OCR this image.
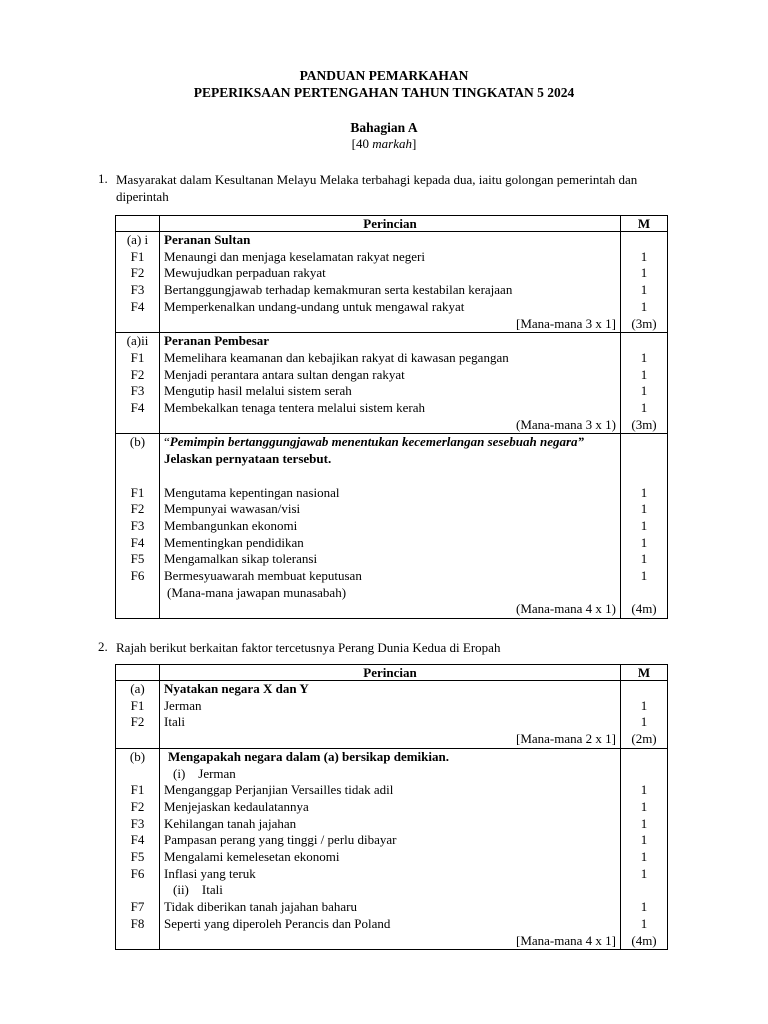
PANDUAN PEMARKAHAN
PEPERIKSAAN PERTENGAHAN TAHUN TINGKATAN 5 2024
Bahagian A
[40 markah]
1. Masyarakat dalam Kesultanan Melayu Melaka terbahagi kepada dua, iaitu golongan pemerintah dan diperintah
	Perincian	M
(a) i	Peranan Sultan	
F1	Menaungi dan menjaga keselamatan rakyat negeri	1
F2	Mewujudkan perpaduan rakyat	1
F3	Bertanggungjawab terhadap kemakmuran serta kestabilan kerajaan	1
F4	Memperkenalkan undang-undang untuk mengawal rakyat	1
	[Mana-mana 3 x 1]	(3m)
(a)ii	Peranan Pembesar	
F1	Memelihara keamanan dan kebajikan rakyat di kawasan pegangan	1
F2	Menjadi perantara antara sultan dengan rakyat	1
F3	Mengutip hasil melalui sistem serah	1
F4	Membekalkan tenaga tentera melalui sistem kerah	1
	(Mana-mana 3 x 1)	(3m)
(b)	“Pemimpin bertanggungjawab menentukan kecemerlangan sesebuah negara”	
	Jelaskan pernyataan tersebut.	

F1	Mengutama kepentingan nasional	1
F2	Mempunyai wawasan/visi	1
F3	Membangunkan ekonomi	1
F4	Mementingkan pendidikan	1
F5	Mengamalkan sikap toleransi	1
F6	Bermesyuawarah membuat keputusan	1
	(Mana-mana jawapan munasabah)	
	(Mana-mana 4 x 1)	(4m)
2. Rajah berikut berkaitan faktor tercetusnya Perang Dunia Kedua di Eropah
	Perincian	M
(a)	Nyatakan negara X dan Y	
F1	Jerman	1
F2	Itali	1
	[Mana-mana 2 x 1]	(2m)
(b)	Mengapakah negara dalam (a) bersikap demikian.	
	(i)    Jerman	
F1	Menganggap Perjanjian Versailles tidak adil	1
F2	Menjejaskan kedaulatannya	1
F3	Kehilangan tanah jajahan	1
F4	Pampasan perang yang tinggi / perlu dibayar	1
F5	Mengalami kemelesetan ekonomi	1
F6	Inflasi yang teruk	1
	(ii)    Itali	
F7	Tidak diberikan tanah jajahan baharu	1
F8	Seperti yang diperoleh Perancis dan Poland	1
	[Mana-mana 4 x 1]	(4m)
